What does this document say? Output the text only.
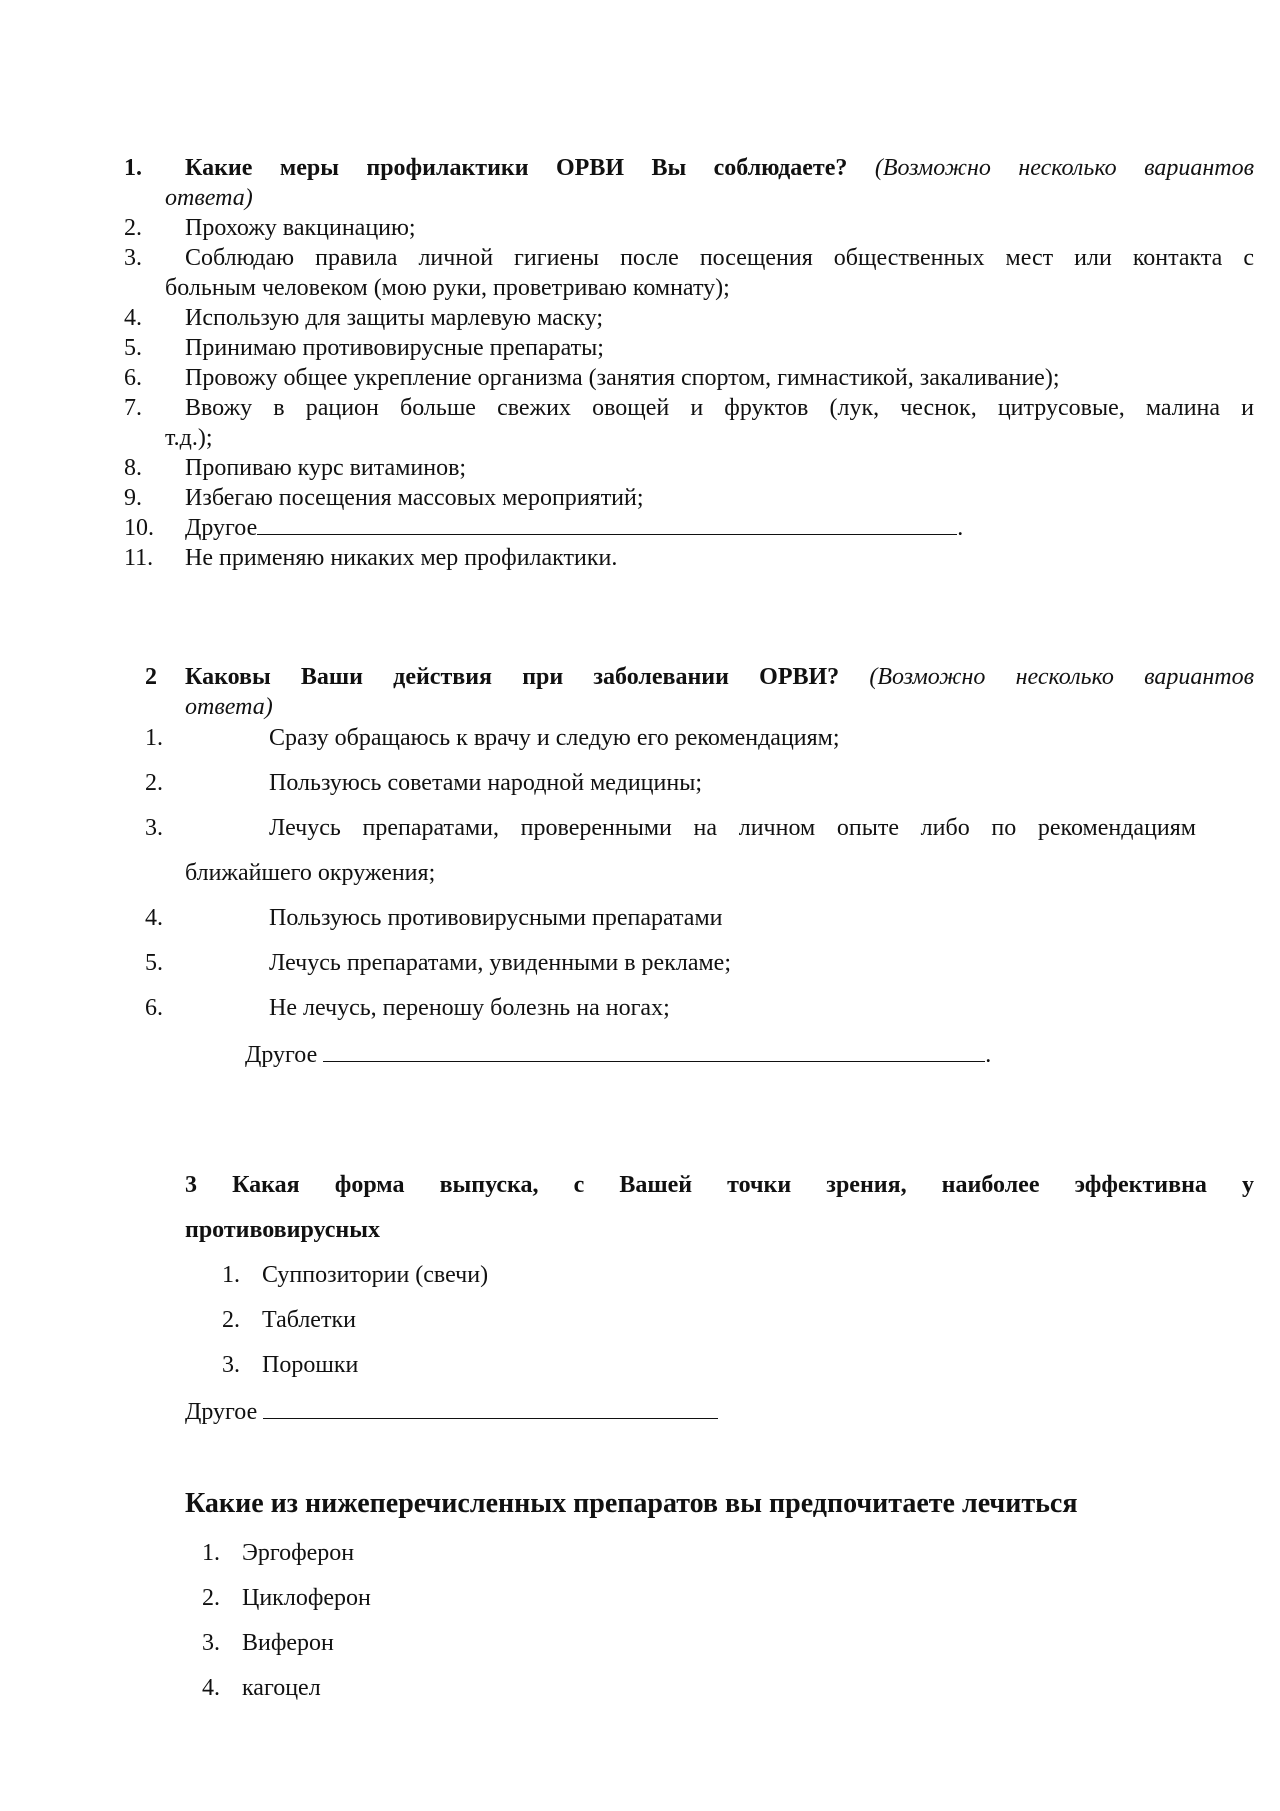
1. Какие меры профилактики ОРВИ Вы соблюдаете? (Возможно несколько вариантов
ответа)
2. Прохожу вакцинацию;
3. Соблюдаю правила личной гигиены после посещения общественных мест или контакта с
больным человеком (мою руки, проветриваю комнату);
4. Использую для защиты марлевую маску;
5. Принимаю противовирусные препараты;
6. Провожу общее укрепление организма (занятия спортом, гимнастикой, закаливание);
7. Ввожу в рацион больше свежих овощей и фруктов (лук, чеснок, цитрусовые, малина и
т.д.);
8. Пропиваю курс витаминов;
9. Избегаю посещения массовых мероприятий;
10. Другое	.
11. Не применяю никаких мер профилактики.
2 Каковы Ваши действия при заболевании ОРВИ? (Возможно несколько вариантов
ответа)
1.	Сразу обращаюсь к врачу и следую его рекомендациям;
2.	Пользуюсь советами народной медицины;
3.	Лечусь препаратами, проверенными на личном опыте либо по рекомендациям
ближайшего окружения;
4.	Пользуюсь противовирусными препаратами
5.	Лечусь препаратами, увиденными в рекламе;
6.	Не лечусь, переношу болезнь на ногах;
Другое	.
3 Какая форма выпуска, с Вашей точки зрения, наиболее эффективна у
противовирусных
1. Суппозитории (свечи)
2. Таблетки
3. Порошки
Другое
Какие из нижеперечисленных препаратов вы предпочитаете лечиться
1. Эргоферон
2. Циклоферон
3. Виферон
4. кагоцел
